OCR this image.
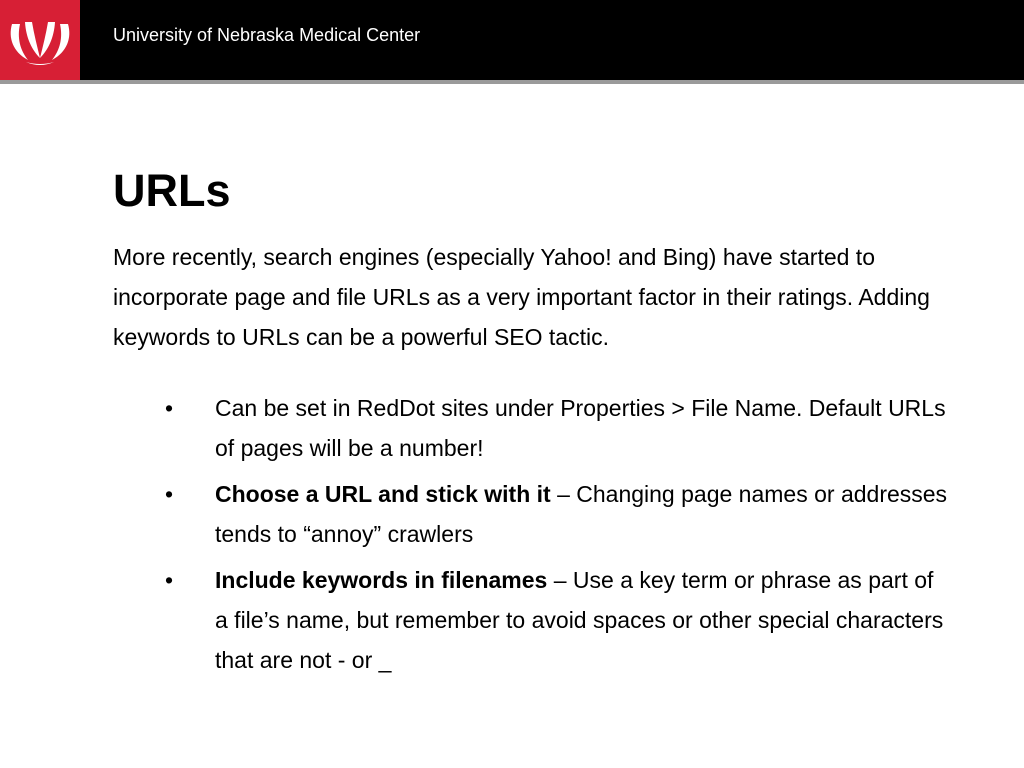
University of Nebraska Medical Center
URLs

More recently, search engines (especially Yahoo! and Bing) have started to incorporate page and file URLs as a very important factor in their ratings. Adding keywords to URLs can be a powerful SEO tactic.

• Can be set in RedDot sites under Properties > File Name. Default URLs of pages will be a number!
• Choose a URL and stick with it – Changing page names or addresses tends to “annoy” crawlers
• Include keywords in filenames – Use a key term or phrase as part of a file’s name, but remember to avoid spaces or other special characters that are not - or _
